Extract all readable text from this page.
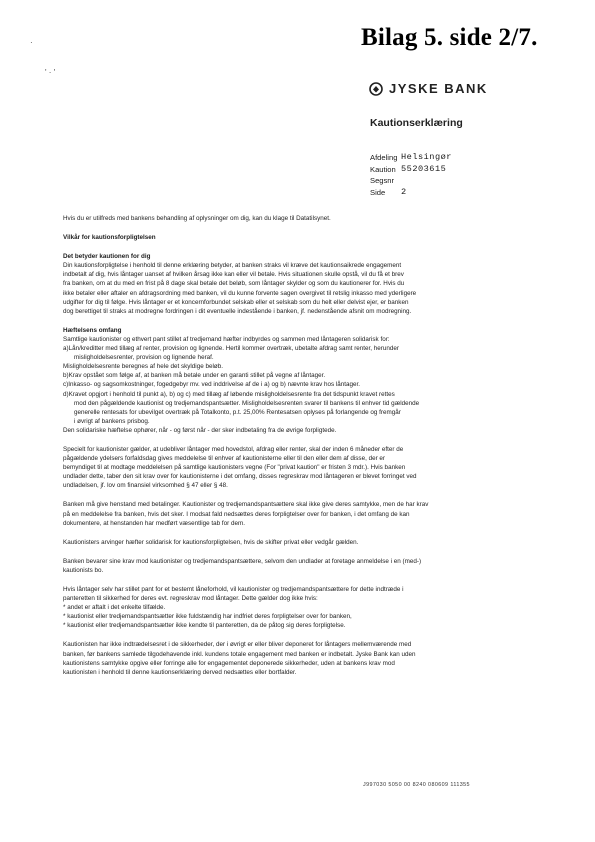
Bilag 5. side 2/7.
·
' · '
JYSKE BANK
Kautionserklæring
Afdeling Helsingør
Kaution 55203615
Segsnr
Side	2

Hvis du er utilfreds med bankens behandling af oplysninger om dig, kan du klage til Datatilsynet.

Vilkår for kautionsforpligtelsen

Det betyder kautionen for dig

Din kautionsforpligtelse i henhold til denne erklæring betyder, at banken straks vil kræve det kautionsaikrede engagement

indbetalt af dig, hvis låntager uanset af hvilken årsag ikke kan eller vil betale. Hvis situationen skulle opstå, vil du få et brev

fra banken, om at du med en frist på 8 dage skal betale det beløb, som låntager skylder og som du kautionerer for. Hvis du

ikke betaler eller aftaler en afdragsordning med banken, vil du kunne forvente sagen overgivet til retslig inkasso med yderligere

udgifter for dig til følge. Hvis låntager er et koncernforbundet selskab eller et selskab som du helt eller delvist ejer, er banken

dog berettiget til straks at modregne fordringen i dit eventuelle indestående i banken, jf. nedenstående afsnit om modregning.

Hæftelsens omfang

Samtlige kautionister og ethvert pant stillet af tredjemand hæfter indbyrdes og sammen med låntageren solidarisk for:

a)Lån/kreditter med tillæg af renter, provision og lignende. Hertil kommer overtræk, ubetalte afdrag samt renter, herunder

misligholdelsesrenter, provision og lignende heraf.

Misligholdelsesrente beregnes af hele det skyldige beløb.

b)Krav opstået som følge af, at banken må betale under en garanti stillet på vegne af låntager.

c)Inkasso- og sagsomkostninger, fogedgebyr mv. ved inddrivelse af de i a) og b) nævnte krav hos låntager.

d)Kravet opgjort i henhold til punkt a), b) og c) med tillæg af løbende misligholdelsesrente fra det tidspunkt kravet rettes

mod den pågældende kautionist og tredjemandspantsætter. Misligholdelsesrenten svarer til bankens til enhver tid gældende

generelle rentesats for ubevilget overtræk på Totalkonto, p.t. 25,00% Rentesatsen oplyses på forlangende og fremgår

i øvrigt af bankens prisbog.

Den solidariske hæftelse ophører, når - og først når - der sker indbetaling fra de øvrige forpligtede.

Specielt for kautionister gælder, at udebliver låntager med hovedstol, afdrag eller renter, skal der inden 6 måneder efter de

pågældende ydelsers forfaldsdag gives meddelelse til enhver af kautionisterne eller til den eller dem af disse, der er

bemyndiget til at modtage meddelelsen på samtlige kautionisters vegne (For "privat kaution" er fristen 3 mdr.). Hvis banken

undlader dette, taber den sit krav over for kautionisterne i det omfang, disses regreskrav mod låntageren er blevet forringet ved

undladelsen, jf. lov om finansiel virksomhed § 47 eller § 48.

Banken må give henstand med betalinger. Kautionister og tredjemandspantsættere skal ikke give deres samtykke, men de har krav

på en meddelelse fra banken, hvis det sker. I modsat fald nedsættes deres forpligtelser over for banken, i det omfang de kan

dokumentere, at henstanden har medført væsentlige tab for dem.

Kautionisters arvinger hæfter solidarisk for kautionsforpligtelsen, hvis de skifter privat eller vedgår gælden.

Banken bevarer sine krav mod kautionister og tredjemandspantsættere, selvom den undlader at foretage anmeldelse i en (med-)

kautionists bo.

Hvis låntager selv har stillet pant for et bestemt låneforhold, vil kautionister og tredjemandspantsættere for dette indtræde i

panteretten til sikkerhed for deres evt. regreskrav mod låntager. Dette gælder dog ikke hvis:

* andet er aftalt i det enkelte tilfælde.

* kautionist eller tredjemandspantsætter ikke fuldstændig har indfriet deres forpligtelser over for banken,

* kautionist eller tredjemandspantsætter ikke kendte til panteretten, da de påtog sig deres forpligtelse.

Kautionisten har ikke indtrædelsesret i de sikkerheder, der i øvrigt er eller bliver deponeret for låntagers mellemværende med

banken, før bankens samlede tilgodehavende inkl. kundens totale engagement med banken er indbetalt. Jyske Bank kan uden

kautionistens samtykke opgive eller forringe alle for engagementet deponerede sikkerheder, uden at bankens krav mod

kautionisten i henhold til denne kautionserklæring derved nedsættes eller bortfalder.

J997030 5050 00 8240 080609 111355
